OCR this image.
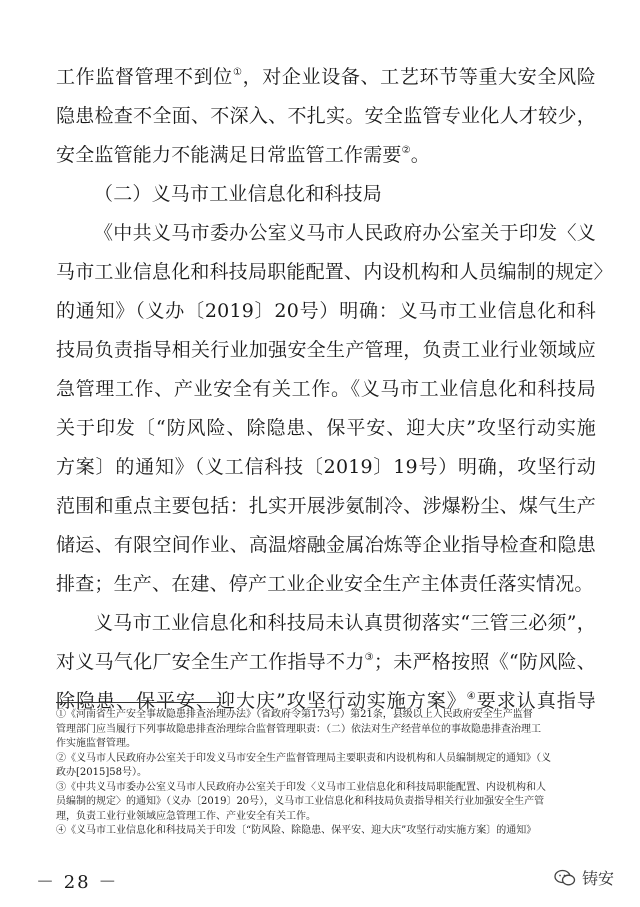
工作监督管理不到位①，对企业设备、工艺环节等重大安全风险
隐患检查不全面、不深入、不扎实。安全监管专业化人才较少，
安全监管能力不能满足日常监管工作需要②。
（二）义马市工业信息化和科技局
《中共义马市委办公室义马市人民政府办公室关于印发〈义
马市工业信息化和科技局职能配置、内设机构和人员编制的规定〉
的通知》（义办〔2019〕20号）明确：义马市工业信息化和科
技局负责指导相关行业加强安全生产管理，负责工业行业领域应
急管理工作、产业安全有关工作。《义马市工业信息化和科技局
关于印发〔“防风险、除隐患、保平安、迎大庆”攻坚行动实施
方案〕的通知》（义工信科技〔2019〕19号）明确，攻坚行动
范围和重点主要包括：扎实开展涉氨制冷、涉爆粉尘、煤气生产
储运、有限空间作业、高温熔融金属冶炼等企业指导检查和隐患
排查；生产、在建、停产工业企业安全生产主体责任落实情况。
义马市工业信息化和科技局未认真贯彻落实“三管三必须”，
对义马气化厂安全生产工作指导不力③；未严格按照《“防风险、
除隐患、保平安、迎大庆”攻坚行动实施方案》④要求认真指导
①《河南省生产安全事故隐患排查治理办法》（省政府令第173号）第21条，县级以上人民政府安全生产监督
管理部门应当履行下列事故隐患排查治理综合监督管理职责：（二）依法对生产经营单位的事故隐患排查治理工
作实施监督管理。
②《义马市人民政府办公室关于印发义马市安全生产监督管理局主要职责和内设机构和人员编制规定的通知》（义
政办[2015]58号）。
③《中共义马市委办公室义马市人民政府办公室关于印发〈义马市工业信息化和科技局职能配置、内设机构和人
员编制的规定〉的通知》（义办〔2019〕20号），义马市工业信息化和科技局负责指导相关行业加强安全生产管
理，负责工业行业领域应急管理工作、产业安全有关工作。
④《义马市工业信息化和科技局关于印发〔“防风险、除隐患、保平安、迎大庆”攻坚行动实施方案〕的通知》
－ 28 －	铸安
